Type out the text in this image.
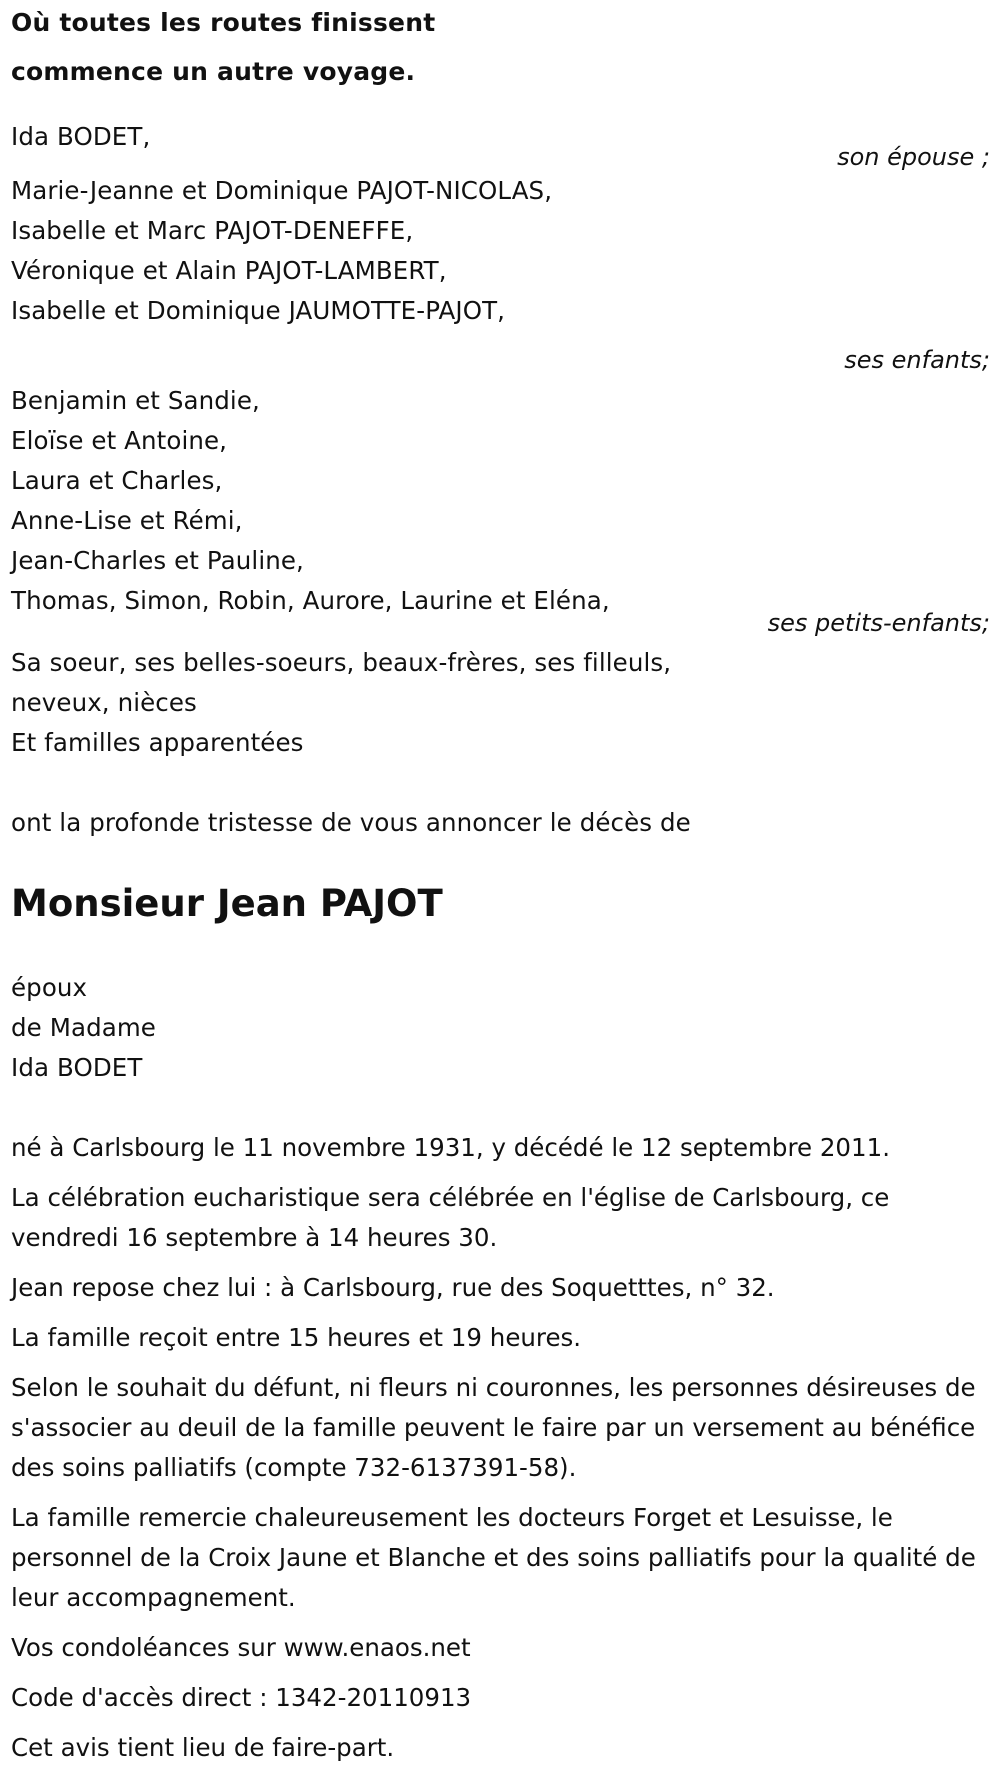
Où toutes les routes finissent
commence un autre voyage.
Ida BODET,
son épouse ;
Marie-Jeanne et Dominique PAJOT-NICOLAS,
Isabelle et Marc PAJOT-DENEFFE,
Véronique et Alain PAJOT-LAMBERT,
Isabelle et Dominique JAUMOTTE-PAJOT,
ses enfants;
Benjamin et Sandie,
Eloïse et Antoine,
Laura et Charles,
Anne-Lise et Rémi,
Jean-Charles et Pauline,
Thomas, Simon, Robin, Aurore, Laurine et Eléna,
ses petits-enfants;
Sa soeur, ses belles-soeurs, beaux-frères, ses filleuls,
neveux, nièces
Et familles apparentées
ont la profonde tristesse de vous annoncer le décès de
Monsieur Jean PAJOT
époux
de Madame
Ida BODET
né à Carlsbourg le 11 novembre 1931, y décédé le 12 septembre 2011.
La célébration eucharistique sera célébrée en l'église de Carlsbourg, ce vendredi 16 septembre à 14 heures 30.
Jean repose chez lui : à Carlsbourg, rue des Soquetttes, n° 32.
La famille reçoit entre 15 heures et 19 heures.
Selon le souhait du défunt, ni fleurs ni couronnes, les personnes désireuses de s'associer au deuil de la famille peuvent le faire par un versement au bénéfice des soins palliatifs (compte 732-6137391-58).
La famille remercie chaleureusement les docteurs Forget et Lesuisse, le personnel de la Croix Jaune et Blanche et des soins palliatifs pour la qualité de leur accompagnement.
Vos condoléances sur www.enaos.net
Code d'accès direct : 1342-20110913
Cet avis tient lieu de faire-part.
